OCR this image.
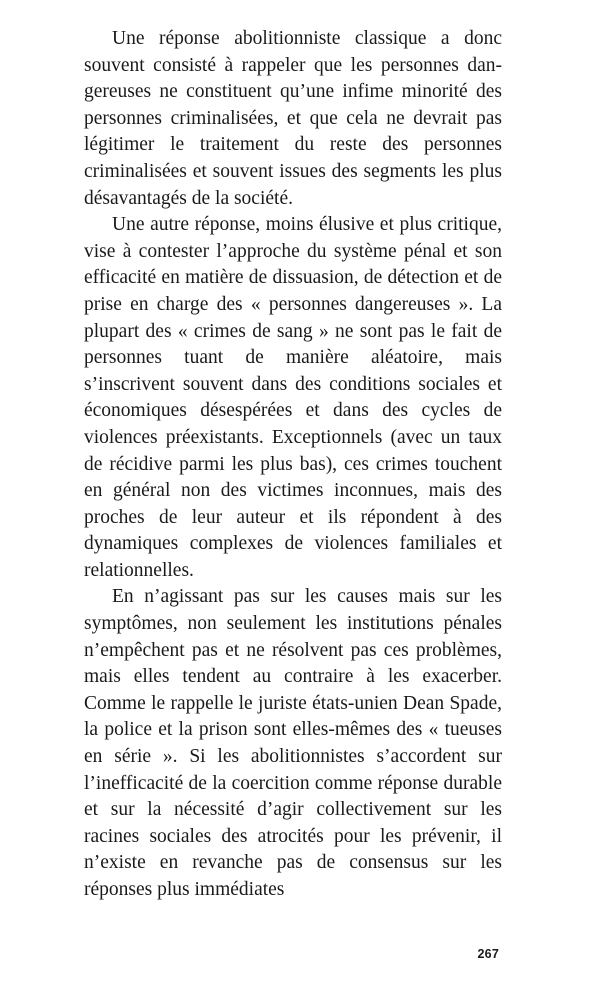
Une réponse abolitionniste classique a donc souvent consisté à rappeler que les personnes dangereuses ne constituent qu’une infime minorité des personnes criminalisées, et que cela ne devrait pas légitimer le traitement du reste des personnes criminalisées et souvent issues des segments les plus désavantagés de la société.

Une autre réponse, moins élusive et plus critique, vise à contester l’approche du système pénal et son efficacité en matière de dissuasion, de détection et de prise en charge des « personnes dangereuses ». La plupart des « crimes de sang » ne sont pas le fait de personnes tuant de manière aléatoire, mais s’inscrivent souvent dans des conditions sociales et économiques désespérées et dans des cycles de violences préexistants. Exceptionnels (avec un taux de récidive parmi les plus bas), ces crimes touchent en général non des victimes inconnues, mais des proches de leur auteur et ils répondent à des dynamiques complexes de violences familiales et relationnelles.

En n’agissant pas sur les causes mais sur les symptômes, non seulement les institutions pénales n’empêchent pas et ne résolvent pas ces problèmes, mais elles tendent au contraire à les exacerber. Comme le rappelle le juriste états-unien Dean Spade, la police et la prison sont elles-mêmes des « tueuses en série ». Si les abolitionnistes s’accordent sur l’inefficacité de la coercition comme réponse durable et sur la nécessité d’agir collectivement sur les racines sociales des atrocités pour les prévenir, il n’existe en revanche pas de consensus sur les réponses plus immédiates

267
